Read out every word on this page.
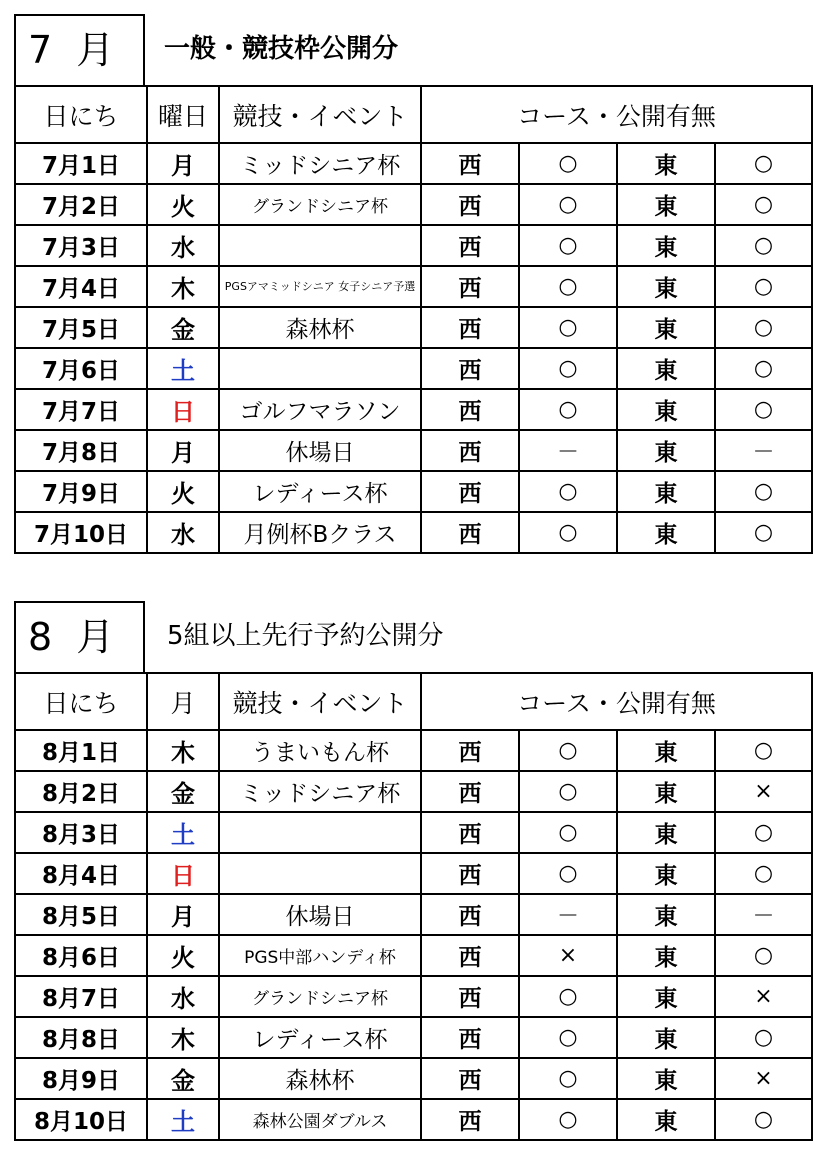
7 月	一般・競技枠公開分
日にち	曜日	競技・イベント	コース・公開有無			
7月1日	月	ミッドシニア杯	西	○	東	○
7月2日	火	グランドシニア杯	西	○	東	○
7月3日	水		西	○	東	○
7月4日	木	PGSアマミッドシニア 女子シニア予選	西	○	東	○
7月5日	金	森林杯	西	○	東	○
7月6日	土		西	○	東	○
7月7日	日	ゴルフマラソン	西	○	東	○
7月8日	月	休場日	西	－	東	－
7月9日	火	レディース杯	西	○	東	○
7月10日	水	月例杯Bクラス	西	○	東	○
8 月	5組以上先行予約公開分
日にち	月	競技・イベント	コース・公開有無			
8月1日	木	うまいもん杯	西	○	東	○
8月2日	金	ミッドシニア杯	西	○	東	×
8月3日	土		西	○	東	○
8月4日	日		西	○	東	○
8月5日	月	休場日	西	－	東	－
8月6日	火	PGS中部ハンディ杯	西	×	東	○
8月7日	水	グランドシニア杯	西	○	東	×
8月8日	木	レディース杯	西	○	東	○
8月9日	金	森林杯	西	○	東	×
8月10日	土	森林公園ダブルス	西	○	東	○
